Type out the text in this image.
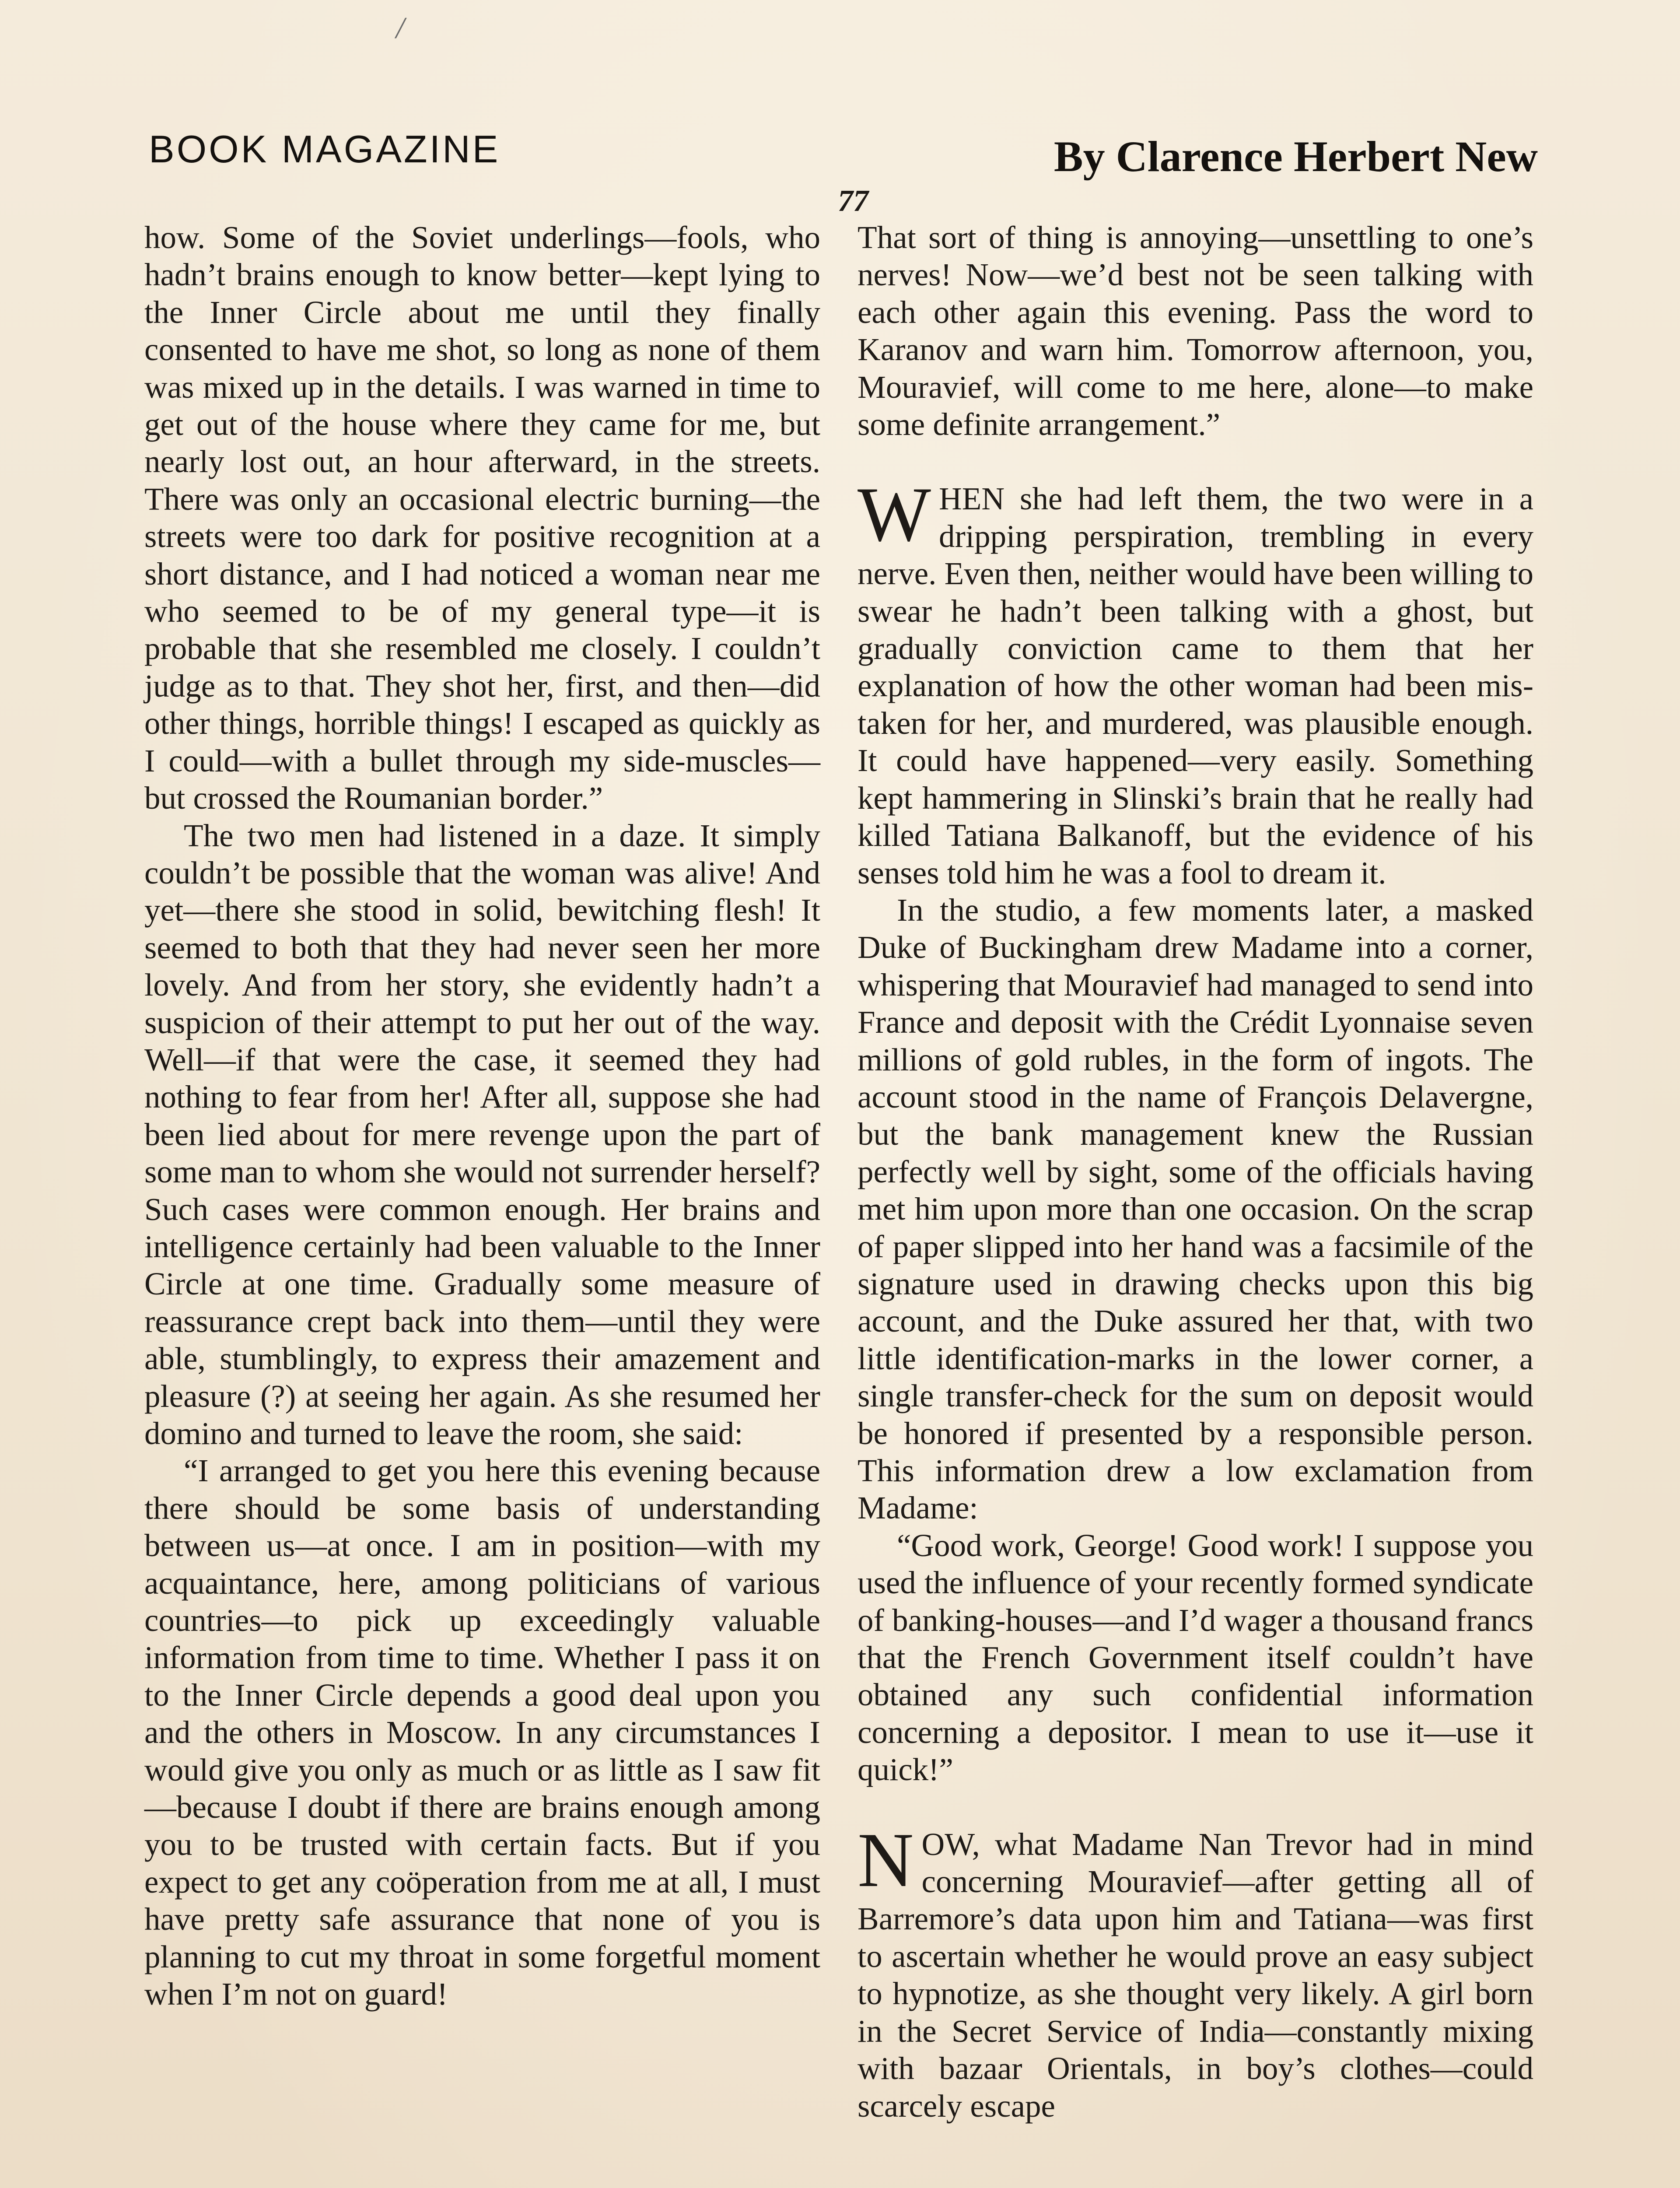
/
BOOK MAGAZINE	By Clarence Herbert New
77

how. Some of the Soviet underlings—fools, who hadn’t brains enough to know better—kept lying to the Inner Circle about me until they finally consented to have me shot, so long as none of them was mixed up in the details. I was warned in time to get out of the house where they came for me, but nearly lost out, an hour afterward, in the streets. There was only an occasional electric burning—the streets were too dark for positive recognition at a short distance, and I had noticed a woman near me who seemed to be of my general type—it is probable that she resembled me closely. I couldn’t judge as to that. They shot her, first, and then—did other things, horrible things! I escaped as quickly as I could—with a bullet through my side-muscles—but crossed the Roumanian border.”

The two men had listened in a daze. It simply couldn’t be possible that the woman was alive! And yet—there she stood in solid, bewitching flesh! It seemed to both that they had never seen her more lovely. And from her story, she evidently hadn’t a suspicion of their attempt to put her out of the way. Well—if that were the case, it seemed they had nothing to fear from her! After all, suppose she had been lied about for mere revenge upon the part of some man to whom she would not surrender herself? Such cases were common enough. Her brains and intelligence certainly had been valuable to the Inner Circle at one time. Gradually some measure of reassurance crept back into them—until they were able, stumblingly, to express their amazement and pleasure (?) at seeing her again. As she resumed her domino and turned to leave the room, she said:

“I arranged to get you here this evening because there should be some basis of understanding between us—at once. I am in position—with my acquaintance, here, among politicians of various countries—to pick up exceedingly valuable information from time to time. Whether I pass it on to the Inner Circle depends a good deal upon you and the others in Moscow. In any circumstances I would give you only as much or as little as I saw fit—because I doubt if there are brains enough among you to be trusted with certain facts. But if you expect to get any coöperation from me at all, I must have pretty safe assurance that none of you is planning to cut my throat in some forgetful moment when I’m not on guard!

That sort of thing is annoying—unsettling to one’s nerves! Now—we’d best not be seen talking with each other again this evening. Pass the word to Karanov and warn him. Tomorrow afternoon, you, Mouravief, will come to me here, alone—to make some definite arrangement.”

WHEN she had left them, the two were in a dripping perspiration, trembling in every nerve. Even then, neither would have been willing to swear he hadn’t been talking with a ghost, but gradually conviction came to them that her explanation of how the other woman had been mistaken for her, and murdered, was plausible enough. It could have happened—very easily. Something kept hammering in Slinski’s brain that he really had killed Tatiana Balkanoff, but the evidence of his senses told him he was a fool to dream it.

In the studio, a few moments later, a masked Duke of Buckingham drew Madame into a corner, whispering that Mouravief had managed to send into France and deposit with the Crédit Lyonnaise seven millions of gold rubles, in the form of ingots. The account stood in the name of François Delavergne, but the bank management knew the Russian perfectly well by sight, some of the officials having met him upon more than one occasion. On the scrap of paper slipped into her hand was a facsimile of the signature used in drawing checks upon this big account, and the Duke assured her that, with two little identification-marks in the lower corner, a single transfer-check for the sum on deposit would be honored if presented by a responsible person. This information drew a low exclamation from Madame:

“Good work, George! Good work! I suppose you used the influence of your recently formed syndicate of banking-houses—and I’d wager a thousand francs that the French Government itself couldn’t have obtained any such confidential information concerning a depositor. I mean to use it—use it quick!”

NOW, what Madame Nan Trevor had in mind concerning Mouravief—after getting all of Barremore’s data upon him and Tatiana—was first to ascertain whether he would prove an easy subject to hypnotize, as she thought very likely. A girl born in the Secret Service of India—constantly mixing with bazaar Orientals, in boy’s clothes—could scarcely escape
